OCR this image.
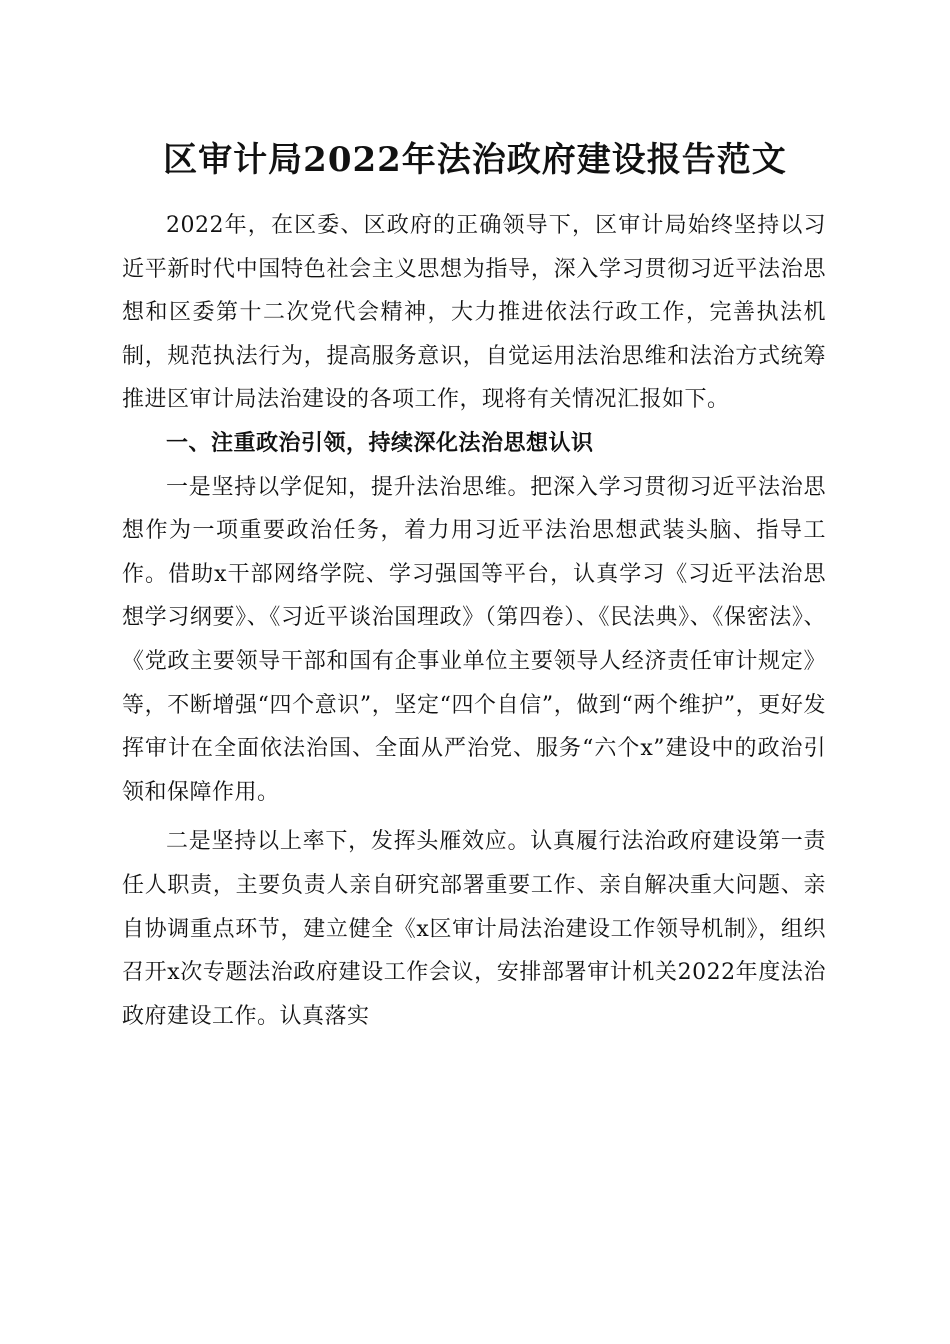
区审计局2022年法治政府建设报告范文

2022年，在区委、区政府的正确领导下，区审计局始终坚持以习近平新时代中国特色社会主义思想为指导，深入学习贯彻习近平法治思想和区委第十二次党代会精神，大力推进依法行政工作，完善执法机制，规范执法行为，提高服务意识，自觉运用法治思维和法治方式统筹推进区审计局法治建设的各项工作，现将有关情况汇报如下。

一、注重政治引领，持续深化法治思想认识

一是坚持以学促知，提升法治思维。把深入学习贯彻习近平法治思想作为一项重要政治任务，着力用习近平法治思想武装头脑、指导工作。借助x干部网络学院、学习强国等平台，认真学习《习近平法治思想学习纲要》、《习近平谈治国理政》（第四卷）、《民法典》、《保密法》、《党政主要领导干部和国有企事业单位主要领导人经济责任审计规定》等，不断增强“四个意识”，坚定“四个自信”，做到“两个维护”，更好发挥审计在全面依法治国、全面从严治党、服务“六个x”建设中的政治引领和保障作用。

二是坚持以上率下，发挥头雁效应。认真履行法治政府建设第一责任人职责，主要负责人亲自研究部署重要工作、亲自解决重大问题、亲自协调重点环节，建立健全《x区审计局法治建设工作领导机制》，组织召开x次专题法治政府建设工作会议，安排部署审计机关2022年度法治政府建设工作。认真落实
